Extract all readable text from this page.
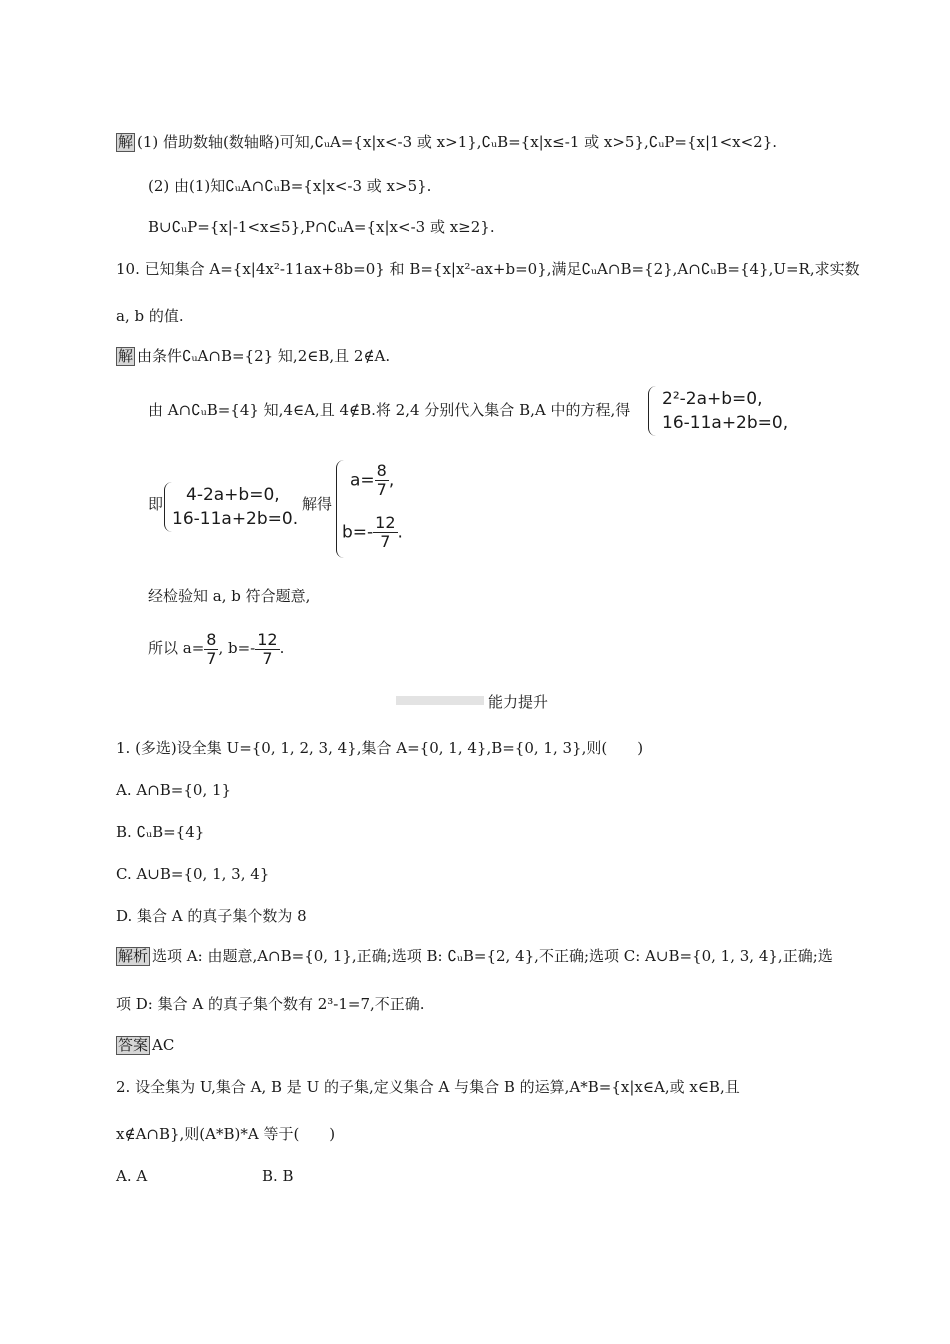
解 (1) 借助数轴(数轴略)可知,∁ᵤA={x|x<-3 或 x>1},∁ᵤB={x|x≤-1 或 x>5},∁ᵤP={x|1<x<2}.
(2) 由(1)知∁ᵤA∩∁ᵤB={x|x<-3 或 x>5}.
B∪∁ᵤP={x|-1<x≤5},P∩∁ᵤA={x|x<-3 或 x≥2}.
10. 已知集合 A={x|4x²-11ax+8b=0} 和 B={x|x²-ax+b=0},满足∁ᵤA∩B={2},A∩∁ᵤB={4},U=R,求实数
a, b 的值.
解 由条件∁ᵤA∩B={2} 知,2∈B,且 2∉A.
由 A∩∁ᵤB={4} 知,4∈A,且 4∉B.将 2,4 分别代入集合 B,A 中的方程,得
2²-2a+b=0,
16-11a+2b=0,
即 4-2a+b=0,
16-11a+2b=0.
解得
$a= \frac{8}{7}$ ,
$b=- \frac{12}{7}$ .
经检验知 a, b 符合题意,
所以 $a= \frac{8}{7}$ , $b=- \frac{12}{7}$ .
能力提升
1. (多选)设全集 U={0, 1, 2, 3, 4},集合 A={0, 1, 4},B={0, 1, 3},则(　　)
A. A∩B={0, 1}
B. ∁ᵤB={4}
C. A∪B={0, 1, 3, 4}
D. 集合 A 的真子集个数为 8
解析 选项 A: 由题意,A∩B={0, 1},正确;选项 B: ∁ᵤB={2, 4},不正确;选项 C: A∪B={0, 1, 3, 4},正确;选
项 D: 集合 A 的真子集个数有 2³-1=7,不正确.
答案 AC
2. 设全集为 U,集合 A, B 是 U 的子集,定义集合 A 与集合 B 的运算,A*B={x|x∈A,或 x∈B,且
x∉A∩B},则(A*B)*A 等于(　　)
A. A	B. B
